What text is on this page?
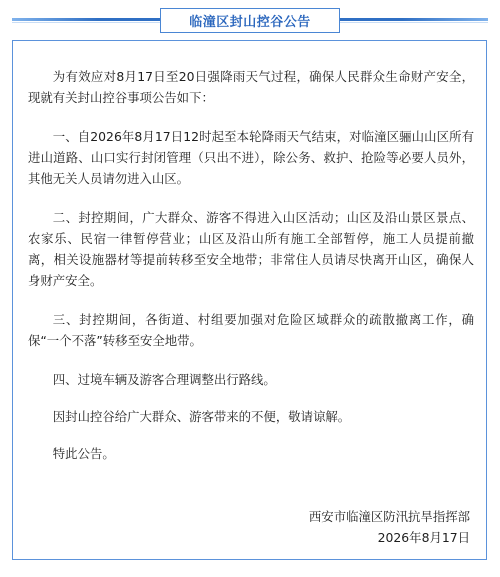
临潼区封山控谷公告

为有效应对8月17日至20日强降雨天气过程，确保人民群众生命财产安全，现就有关封山控谷事项公告如下：

一、自2026年8月17日12时起至本轮降雨天气结束，对临潼区骊山山区所有进山道路、山口实行封闭管理（只出不进），除公务、救护、抢险等必要人员外，其他无关人员请勿进入山区。

二、封控期间，广大群众、游客不得进入山区活动；山区及沿山景区景点、农家乐、民宿一律暂停营业；山区及沿山所有施工全部暂停，施工人员提前撤离，相关设施器材等提前转移至安全地带；非常住人员请尽快离开山区，确保人身财产安全。

三、封控期间，各街道、村组要加强对危险区域群众的疏散撤离工作，确保“一个不落”转移至安全地带。

四、过境车辆及游客合理调整出行路线。

因封山控谷给广大群众、游客带来的不便，敬请谅解。

特此公告。

西安市临潼区防汛抗旱指挥部
2026年8月17日
